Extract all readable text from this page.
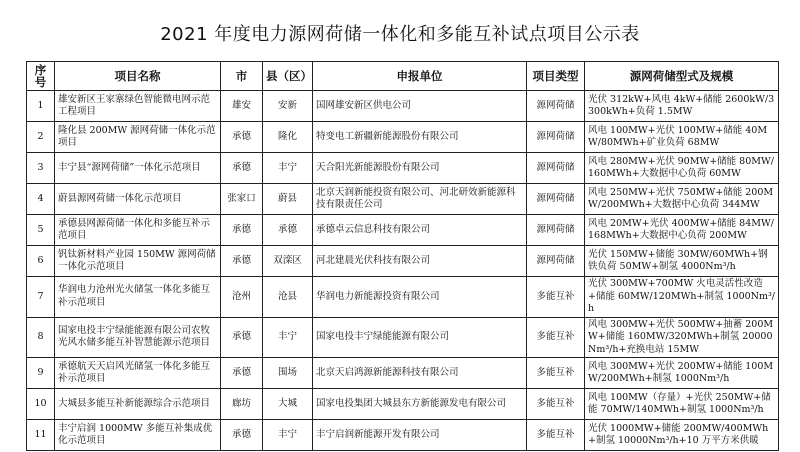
2021 年度电力源网荷储一体化和多能互补试点项目公示表
序号	项目名称	市	县（区）	申报单位	项目类型	源网荷储型式及规模
1	雄安新区王家寨绿色智能微电网示范工程项目	雄安	安新	国网雄安新区供电公司	源网荷储	光伏 312kW+风电 4kW+储能 2600kW/3300kWh+负荷 1.5MW
2	隆化县 200MW 源网荷储一体化示范项目	承德	隆化	特变电工新疆新能源股份有限公司	源网荷储	风电 100MW+光伏 100MW+储能 40MW/80MWh+矿业负荷 68MW
3	丰宁县“源网荷储”一体化示范项目	承德	丰宁	天合阳光新能源股份有限公司	源网荷储	风电 280MW+光伏 90MW+储能 80MW/160MWh+大数据中心负荷 60MW
4	蔚县源网荷储一体化示范项目	张家口	蔚县	北京天润新能投资有限公司、河北研效新能源科技有限责任公司	源网荷储	风电 250MW+光伏 750MW+储能 200MW/200MWh+大数据中心负荷 344MW
5	承德县网源荷储一体化和多能互补示范项目	承德	承德	承德卓云信息科技有限公司	源网荷储	风电 20MW+光伏 400MW+储能 84MW/168MWh+大数据中心负荷 200MW
6	钒钛新材料产业园 150MW 源网荷储一体化示范项目	承德	双滦区	河北建晨光伏科技有限公司	源网荷储	光伏 150MW+储能 30MW/60MWh+钢铁负荷 50MW+制氢 4000Nm³/h
7	华润电力沧州光火储氢一体化多能互补示范项目	沧州	沧县	华润电力新能源投资有限公司	多能互补	光伏 300MW+700MW 火电灵活性改造+储能 60MW/120MWh+制氢 1000Nm³/h
8	国家电投丰宁绿能能源有限公司农牧光风水储多能互补智慧能源示范项目	承德	丰宁	国家电投丰宁绿能能源有限公司	多能互补	风电 300MW+光伏 500MW+抽蓄 200MW+储能 160MW/320MWh+制氢 20000Nm³/h+充换电站 15MW
9	承德航天天启风光储氢一体化多能互补示范项目	承德	围场	北京天启鸿源新能源科技有限公司	多能互补	风电 300MW+光伏 200MW+储能 100MW/200MWh+制氢 1000Nm³/h
10	大城县多能互补新能源综合示范项目	廊坊	大城	国家电投集团大城县东方新能源发电有限公司	多能互补	风电 100MW（存量）+光伏 250MW+储能 70MW/140MWh+制氢 1000Nm³/h
11	丰宁启润 1000MW 多能互补集成优化示范项目	承德	丰宁	丰宁启润新能源开发有限公司	多能互补	光伏 1000MW+储能 200MW/400MWh+制氢 10000Nm³/h+10 万平方米供暖
